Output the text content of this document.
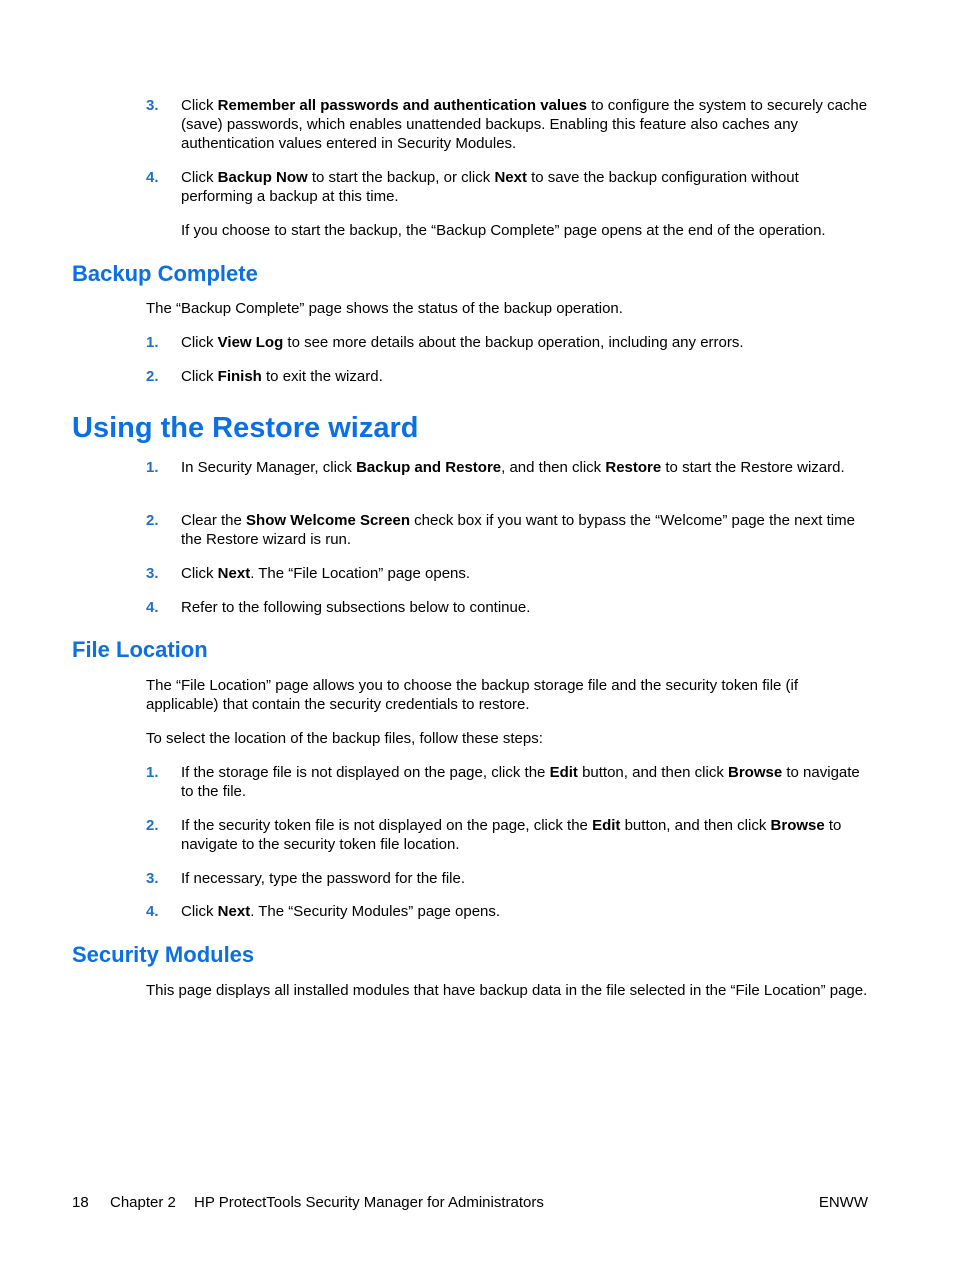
3. Click Remember all passwords and authentication values to configure the system to securely cache (save) passwords, which enables unattended backups. Enabling this feature also caches any authentication values entered in Security Modules.
4. Click Backup Now to start the backup, or click Next to save the backup configuration without performing a backup at this time.
If you choose to start the backup, the “Backup Complete” page opens at the end of the operation.
Backup Complete
The “Backup Complete” page shows the status of the backup operation.
1. Click View Log to see more details about the backup operation, including any errors.
2. Click Finish to exit the wizard.
Using the Restore wizard
1. In Security Manager, click Backup and Restore, and then click Restore to start the Restore wizard.
2. Clear the Show Welcome Screen check box if you want to bypass the “Welcome” page the next time the Restore wizard is run.
3. Click Next. The “File Location” page opens.
4. Refer to the following subsections below to continue.
File Location
The “File Location” page allows you to choose the backup storage file and the security token file (if applicable) that contain the security credentials to restore.
To select the location of the backup files, follow these steps:
1. If the storage file is not displayed on the page, click the Edit button, and then click Browse to navigate to the file.
2. If the security token file is not displayed on the page, click the Edit button, and then click Browse to navigate to the security token file location.
3. If necessary, type the password for the file.
4. Click Next. The “Security Modules” page opens.
Security Modules
This page displays all installed modules that have backup data in the file selected in the “File Location” page.
18 Chapter 2 HP ProtectTools Security Manager for Administrators	ENWW
